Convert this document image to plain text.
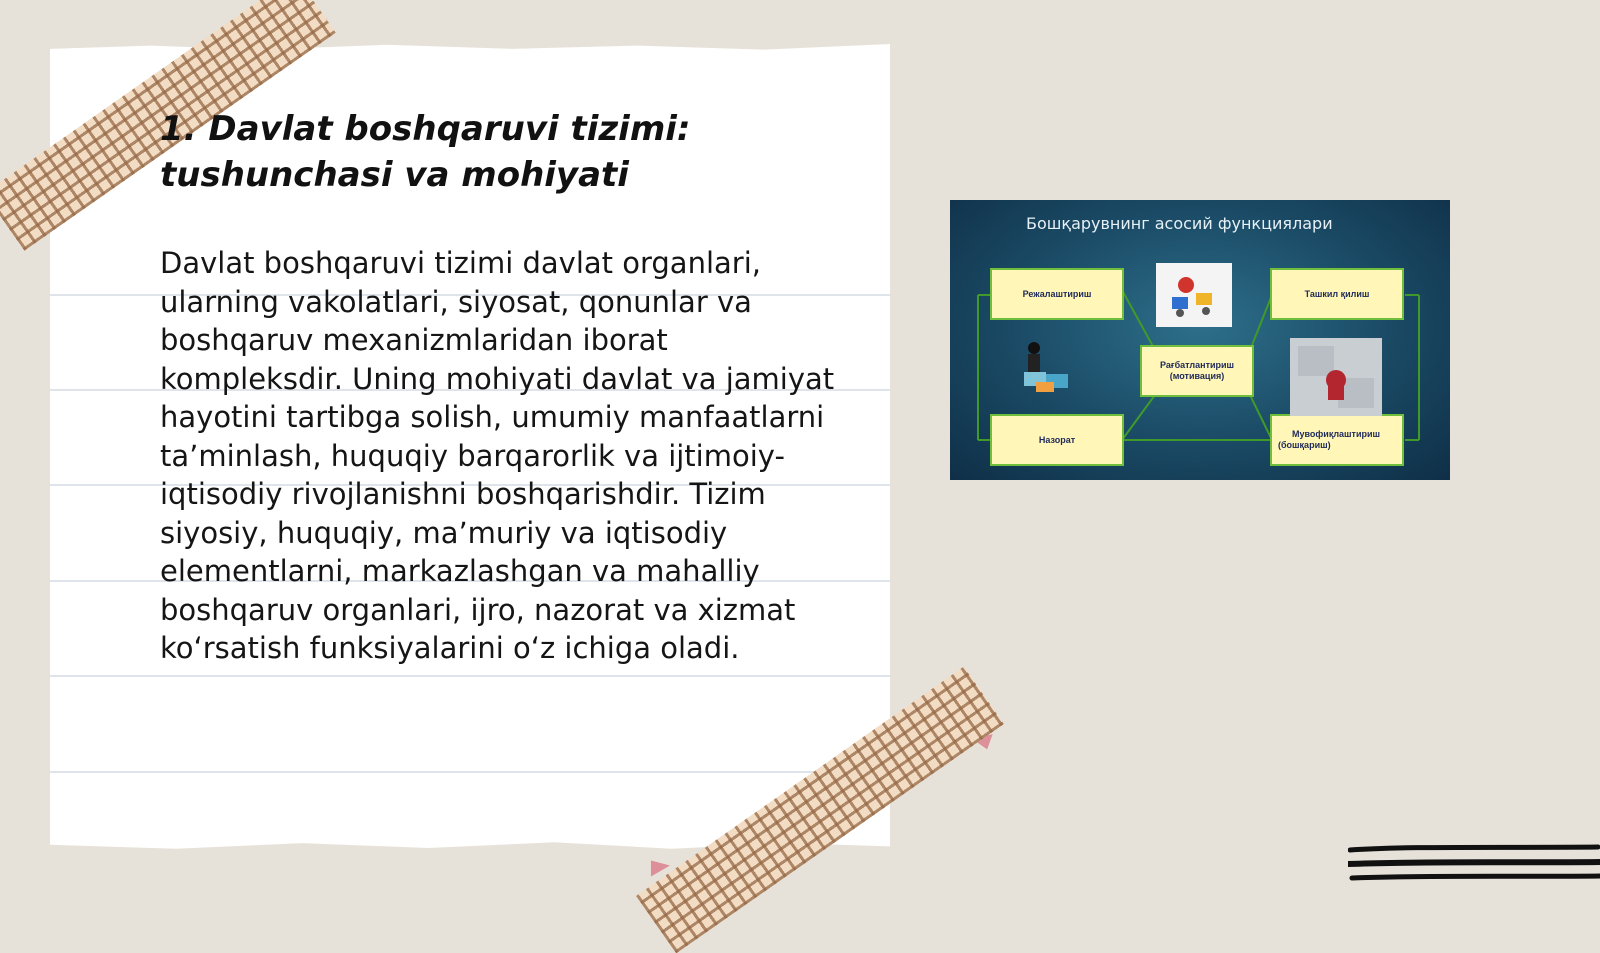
1. Davlat boshqaruvi tizimi:
tushunchasi va mohiyati

Davlat boshqaruvi tizimi davlat organlari, ularning vakolatlari, siyosat, qonunlar va boshqaruv mexanizmlaridan iborat kompleksdir. Uning mohiyati davlat va jamiyat hayotini tartibga solish, umumiy manfaatlarni ta’minlash, huquqiy barqarorlik va ijtimoiy-iqtisodiy rivojlanishni boshqarishdir. Tizim siyosiy, huquqiy, ma’muriy va iqtisodiy elementlarni, markazlashgan va mahalliy boshqaruv organlari, ijro, nazorat va xizmat ko‘rsatish funksiyalarini o‘z ichiga oladi.

Бошқарувнинг асосий функциялари
Режалаштириш	Ташкил қилиш
Рағбатлантириш
(мотивация)
Назорат
Мувофиқлаштириш
(бошқариш)
